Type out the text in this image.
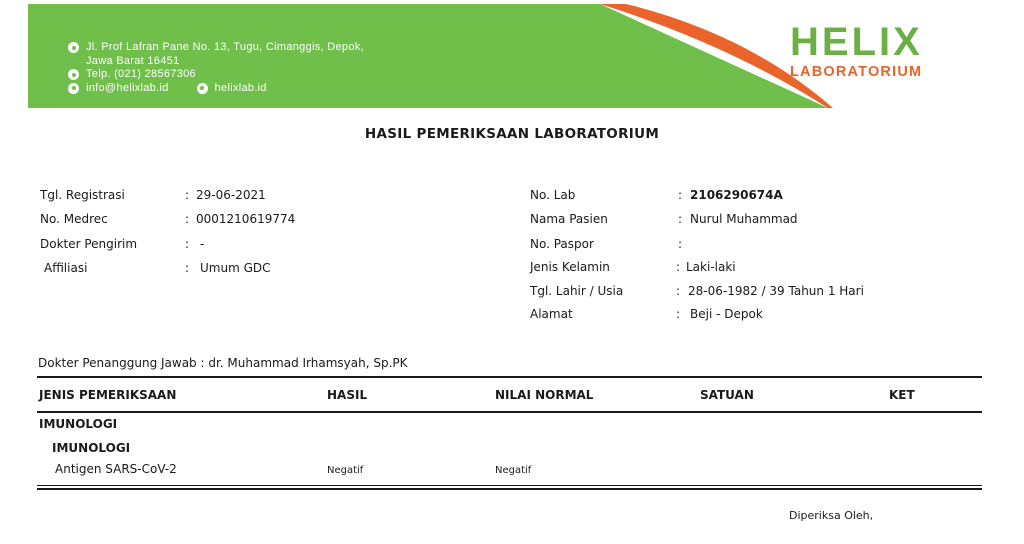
Jl. Prof Lafran Pane No. 13, Tugu, Cimanggis, Depok,
Jawa Barat 16451
Telp. (021) 28567306
info@helixlab.id	helixlab.id
HELIX
LABORATORIUM
HASIL PEMERIKSAAN LABORATORIUM
Tgl. Registrasi	: 29-06-2021
No. Medrec	: 0001210619774
Dokter Pengirim	: -
Affiliasi	: Umum GDC
No. Lab	: 2106290674A
Nama Pasien	: Nurul Muhammad
No. Paspor	:
Jenis Kelamin	: Laki-laki
Tgl. Lahir / Usia	: 28-06-1982 / 39 Tahun 1 Hari
Alamat	: Beji - Depok
Dokter Penanggung Jawab : dr. Muhammad Irhamsyah, Sp.PK
JENIS PEMERIKSAAN	HASIL	NILAI NORMAL	SATUAN	KET
IMUNOLOGI
IMUNOLOGI
Antigen SARS-CoV-2	Negatif	Negatif
Diperiksa Oleh,
